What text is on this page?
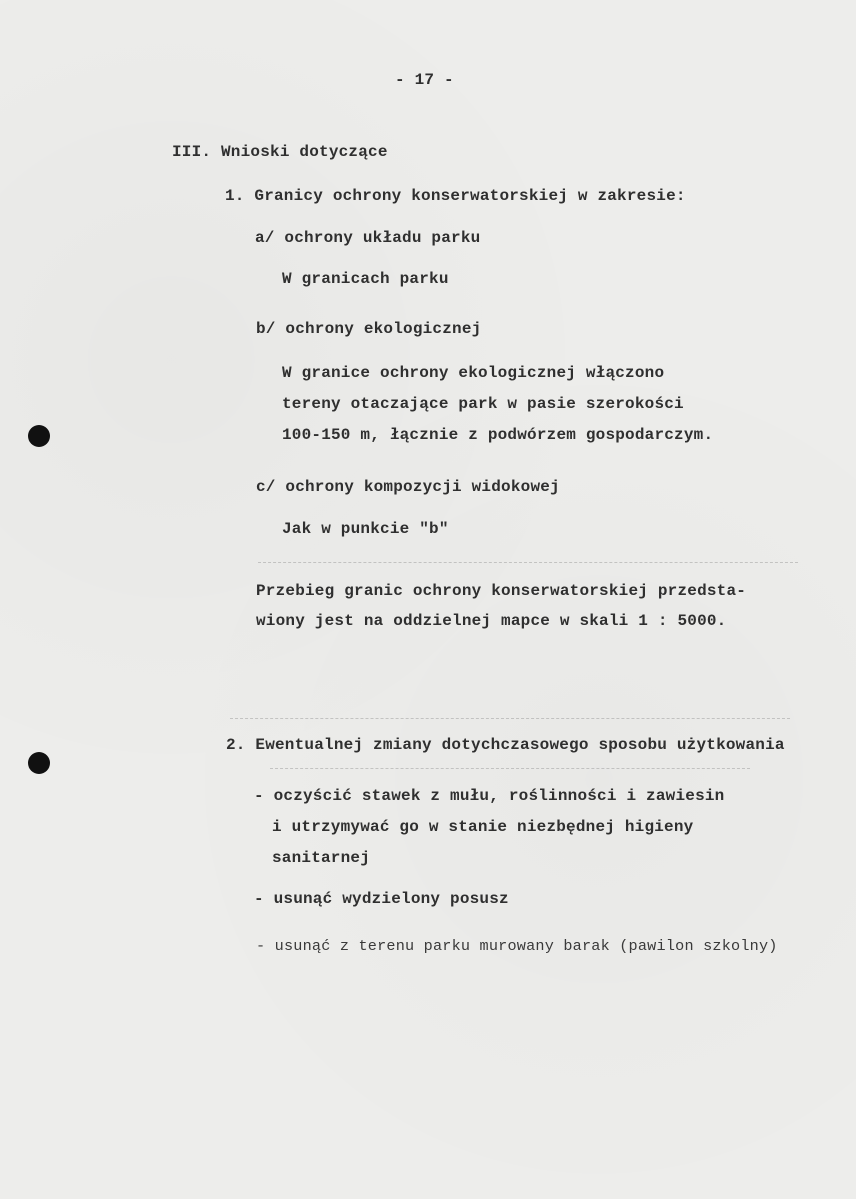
- 17 -
III. Wnioski dotyczące
1. Granicy ochrony konserwatorskiej w zakresie:
a/ ochrony układu parku
W granicach parku
b/ ochrony ekologicznej
W granice ochrony ekologicznej włączono
tereny otaczające park w pasie szerokości
100-150 m, łącznie z podwórzem gospodarczym.
c/ ochrony kompozycji widokowej
Jak w punkcie "b"
Przebieg granic ochrony konserwatorskiej przedsta-
wiony jest na oddzielnej mapce w skali 1 : 5000.
2. Ewentualnej zmiany dotychczasowego sposobu użytkowania
- oczyścić stawek z mułu, roślinności i zawiesin
i utrzymywać go w stanie niezbędnej higieny
sanitarnej
- usunąć wydzielony posusz
- usunąć z terenu parku murowany barak (pawilon szkolny)
